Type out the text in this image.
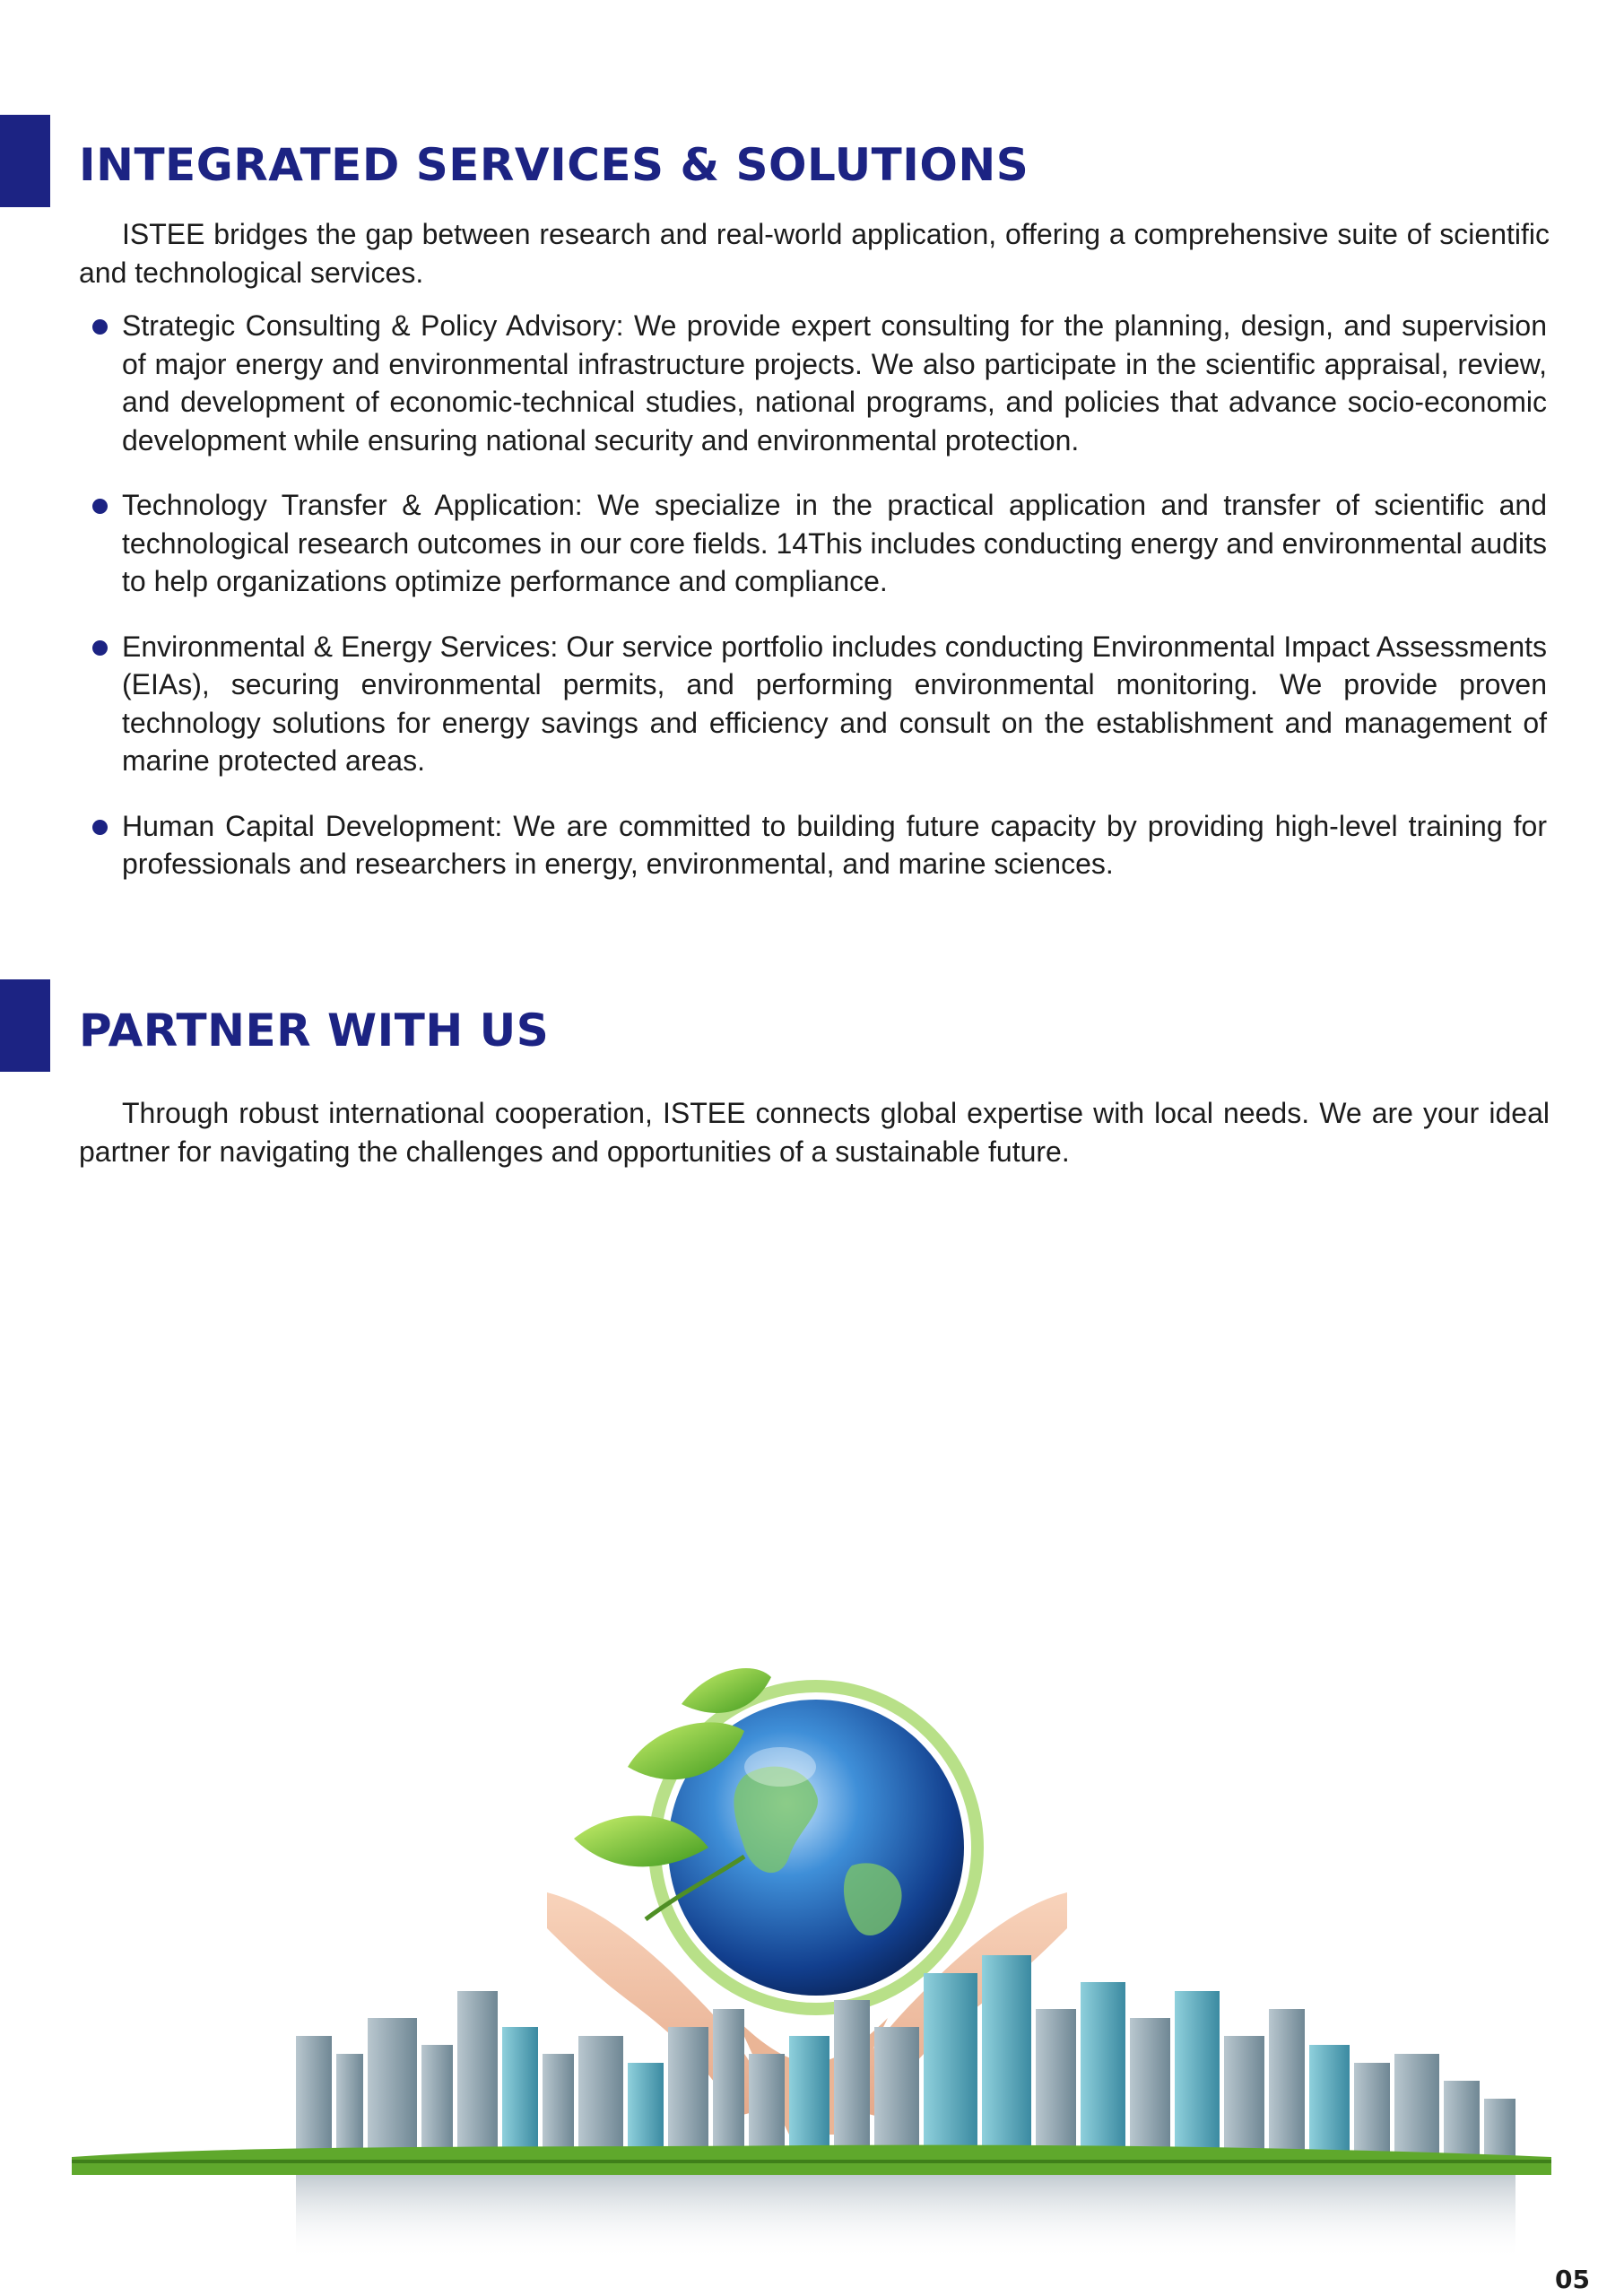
INTEGRATED SERVICES & SOLUTIONS

ISTEE bridges the gap between research and real-world application, offering a comprehensive suite of scientific and technological services.

Strategic Consulting & Policy Advisory: We provide expert consulting for the planning, design, and supervision of major energy and environmental infrastructure projects. We also participate in the scientific appraisal, review, and development of economic-technical studies, national programs, and policies that advance socio-economic development while ensuring national security and environmental protection.
Technology Transfer & Application: We specialize in the practical application and transfer of scientific and technological research outcomes in our core fields. 14This includes conducting energy and environmental audits to help organizations optimize performance and compliance.
Environmental & Energy Services: Our service portfolio includes conducting Environmental Impact Assessments (EIAs), securing environmental permits, and performing environmental monitoring. We provide proven technology solutions for energy savings and efficiency and consult on the establishment and management of marine protected areas.
Human Capital Development: We are committed to building future capacity by providing high-level training for professionals and researchers in energy, environmental, and marine sciences.
PARTNER WITH US

Through robust international cooperation, ISTEE connects global expertise with local needs. We are your ideal partner for navigating the challenges and opportunities of a sustainable future.

05
